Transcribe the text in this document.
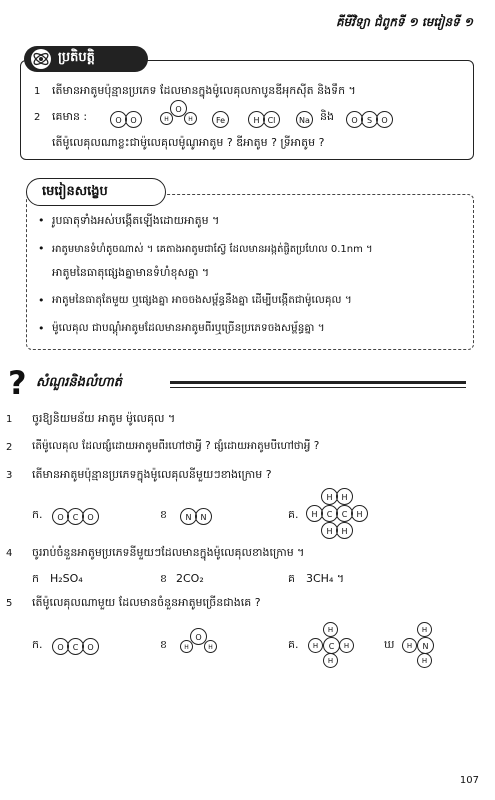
គីមីវិទ្យា ជំពូកទី ១ មេរៀនទី ១
ប្រតិបត្តិ
1 តើមានអាតូមប៉ុន្មានប្រភេទ ដែលមានក្នុងម៉ូលេគុលកាបូនឌីអុកស៊ីត និងទឹក ។
2 គេមាន :	O O
O
H	H	Fe	H Cl	Na និង	O S O
តើម៉ូលេគុលណាខ្លះជាម៉ូលេគុលម៉ូណូអាតូម ? ឌីអាតូម ? ទ្រីអាតូម ?
មេរៀនសង្ខេប
• រូបធាតុទាំងអស់បង្កើតឡើងដោយអាតូម ។
• អាតូមមានទំហំតូចណាស់ ។ គេតាងអាតូមជាស្វ៊ែ ដែលមានអង្កត់ផ្ចិតប្រហែល 0.1nm ។
អាតូមនៃធាតុផ្សេងគ្នាមានទំហំខុសគ្នា ។
• អាតូមនៃធាតុតែមួយ ឬផ្សេងគ្នា អាចចងសម្ព័ន្ធនឹងគ្នា ដើម្បីបង្កើតជាម៉ូលេគុល ។
• ម៉ូលេគុល ជាបណ្តុំអាតូមដែលមានអាតូមពីរឬច្រើនប្រភេទចងសម្ព័ន្ធគ្នា ។
? សំណួរនិងលំហាត់
1 ចូរឱ្យនិយមន័យ អាតូម ម៉ូលេគុល ។
2 តើម៉ូលេគុល ដែលផ្សំដោយអាតូមពីរហៅថាអ្វី ? ផ្សំដោយអាតូមបីហៅថាអ្វី ?
3 តើមានអាតូមប៉ុន្មានប្រភេទក្នុងម៉ូលេគុលនីមួយៗខាងក្រោម ?
ក.	O C O	ខ	N N	គ.	H	C	C	H
H	H
H	H
4 ចូររាប់ចំនួនអាតូមប្រភេទនីមួយៗដែលមានក្នុងម៉ូលេគុលខាងក្រោម ។
ក H₂SO₄	ខ 2CO₂	គ 3CH₄ ។
5 តើម៉ូលេគុលណាមួយ ដែលមានចំនួនអាតូមច្រើនជាងគេ ?
ក.	O C O	ខ
O
H	H	គ.	C
H
H
H	H	ឃ	N
H
H
H
107
